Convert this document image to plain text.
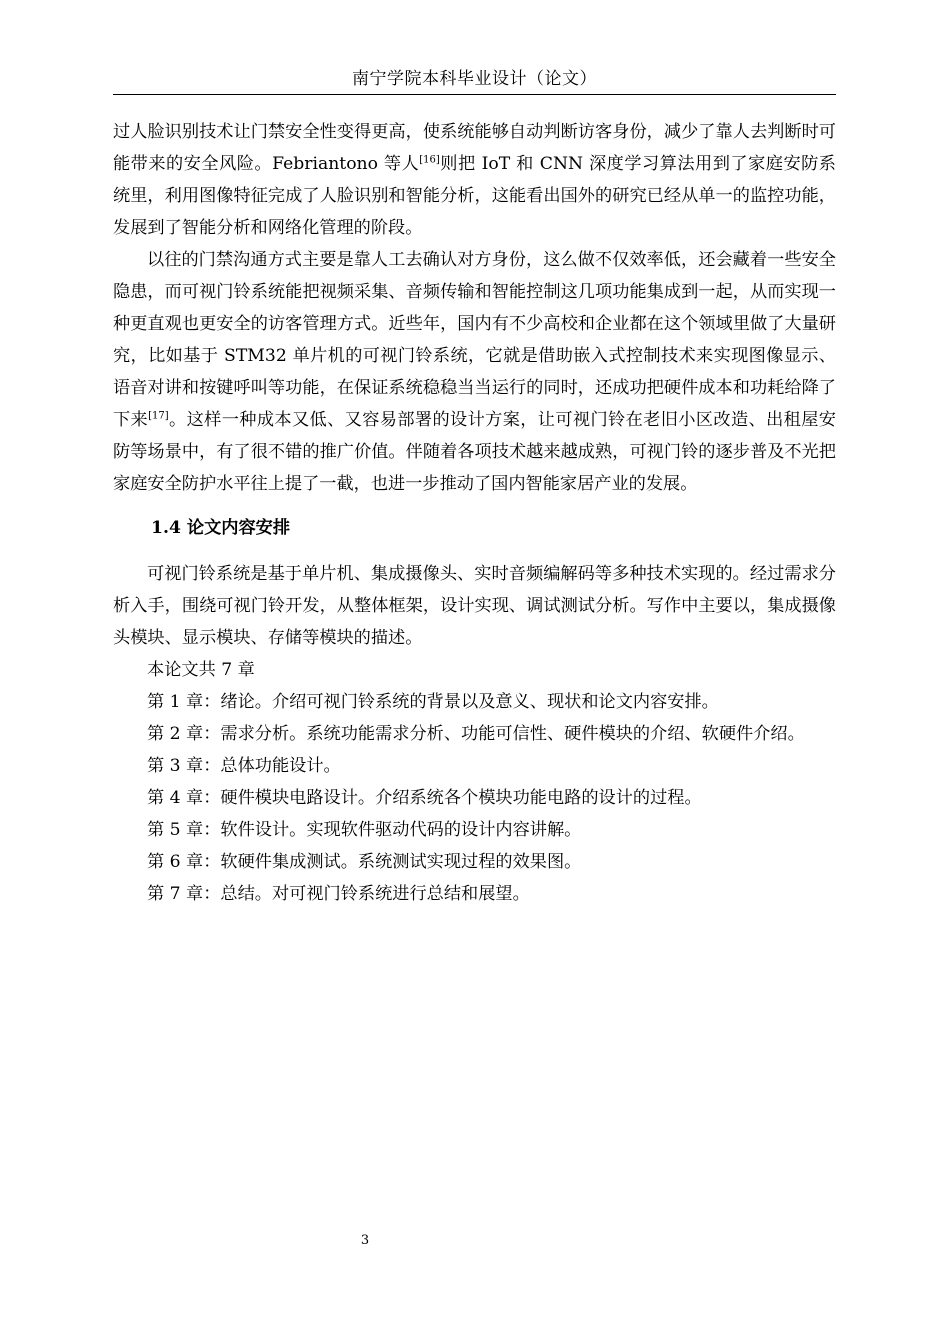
南宁学院本科毕业设计（论文）

过人脸识别技术让门禁安全性变得更高，使系统能够自动判断访客身份，减少了靠人去判断时可能带来的安全风险。Febriantono 等人[16]则把 IoT 和 CNN 深度学习算法用到了家庭安防系统里，利用图像特征完成了人脸识别和智能分析，这能看出国外的研究已经从单一的监控功能，发展到了智能分析和网络化管理的阶段。

以往的门禁沟通方式主要是靠人工去确认对方身份，这么做不仅效率低，还会藏着一些安全隐患，而可视门铃系统能把视频采集、音频传输和智能控制这几项功能集成到一起，从而实现一种更直观也更安全的访客管理方式。近些年，国内有不少高校和企业都在这个领域里做了大量研究，比如基于 STM32 单片机的可视门铃系统，它就是借助嵌入式控制技术来实现图像显示、语音对讲和按键呼叫等功能，在保证系统稳稳当当运行的同时，还成功把硬件成本和功耗给降了下来[17]。这样一种成本又低、又容易部署的设计方案，让可视门铃在老旧小区改造、出租屋安防等场景中，有了很不错的推广价值。伴随着各项技术越来越成熟，可视门铃的逐步普及不光把家庭安全防护水平往上提了一截，也进一步推动了国内智能家居产业的发展。

1.4 论文内容安排

可视门铃系统是基于单片机、集成摄像头、实时音频编解码等多种技术实现的。经过需求分析入手，围绕可视门铃开发，从整体框架，设计实现、调试测试分析。写作中主要以，集成摄像头模块、显示模块、存储等模块的描述。

本论文共 7 章

第 1 章：绪论。介绍可视门铃系统的背景以及意义、现状和论文内容安排。

第 2 章：需求分析。系统功能需求分析、功能可信性、硬件模块的介绍、软硬件介绍。

第 3 章：总体功能设计。

第 4 章：硬件模块电路设计。介绍系统各个模块功能电路的设计的过程。

第 5 章：软件设计。实现软件驱动代码的设计内容讲解。

第 6 章：软硬件集成测试。系统测试实现过程的效果图。

第 7 章：总结。对可视门铃系统进行总结和展望。

3
